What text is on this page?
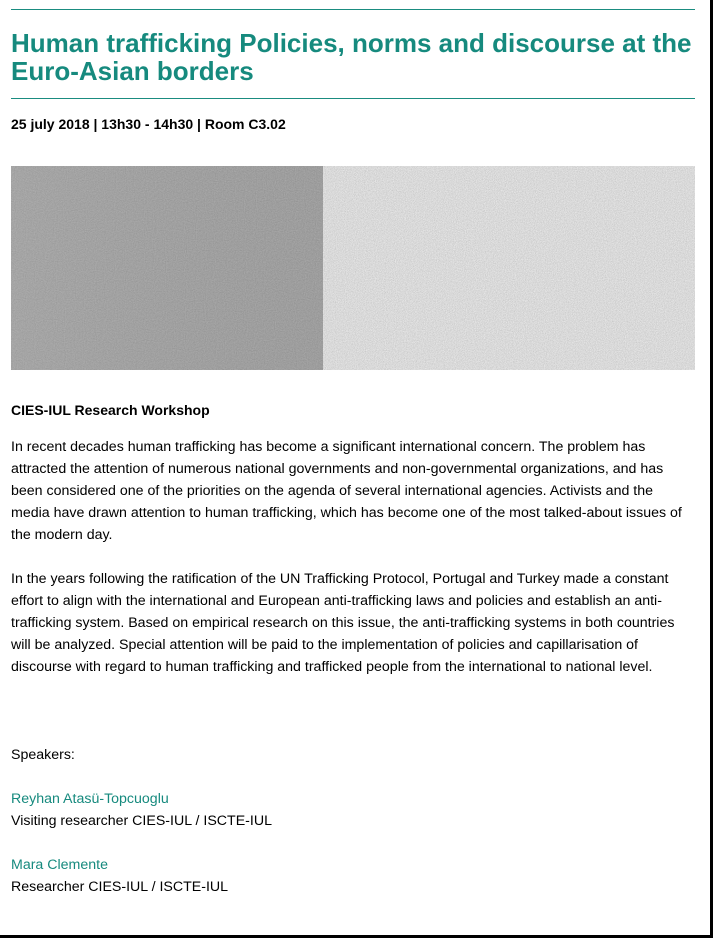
Human trafficking Policies, norms and discourse at the Euro-Asian borders
25 july 2018 | 13h30 - 14h30 | Room C3.02
CIES-IUL Research Workshop

In recent decades human trafficking has become a significant international concern. The problem has attracted the attention of numerous national governments and non-governmental organizations, and has been considered one of the priorities on the agenda of several international agencies. Activists and the media have drawn attention to human trafficking, which has become one of the most talked-about issues of the modern day.

In the years following the ratification of the UN Trafficking Protocol, Portugal and Turkey made a constant effort to align with the international and European anti-trafficking laws and policies and establish an anti-trafficking system. Based on empirical research on this issue, the anti-trafficking systems in both countries will be analyzed. Special attention will be paid to the implementation of policies and capillarisation of discourse with regard to human trafficking and trafficked people from the international to national level.

Speakers:
Reyhan Atasü-Topcuoglu
Visiting researcher CIES-IUL / ISCTE-IUL
Mara Clemente
Researcher CIES-IUL / ISCTE-IUL
